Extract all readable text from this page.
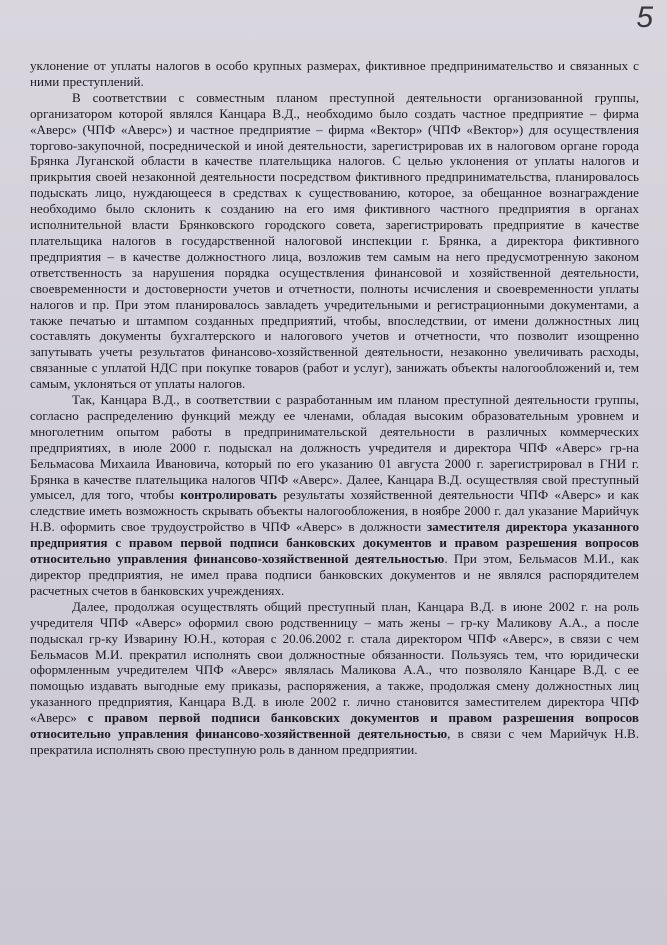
5

уклонение от уплаты налогов в особо крупных размерах, фиктивное предпринимательство и связанных с ними преступлений.

В соответствии с совместным планом преступной деятельности организованной группы, организатором которой являлся Канцара В.Д., необходимо было создать частное предприятие – фирма «Аверс» (ЧПФ «Аверс») и частное предприятие – фирма «Вектор» (ЧПФ «Вектор») для осуществления торгово-закупочной, посреднической и иной деятельности, зарегистрировав их в налоговом органе города Брянка Луганской области в качестве плательщика налогов. С целью уклонения от уплаты налогов и прикрытия своей незаконной деятельности посредством фиктивного предпринимательства, планировалось подыскать лицо, нуждающееся в средствах к существованию, которое, за обещанное вознаграждение необходимо было склонить к созданию на его имя фиктивного частного предприятия в органах исполнительной власти Брянковского городского совета, зарегистрировать предприятие в качестве плательщика налогов в государственной налоговой инспекции г. Брянка, а директора фиктивного предприятия – в качестве должностного лица, возложив тем самым на него предусмотренную законом ответственность за нарушения порядка осуществления финансовой и хозяйственной деятельности, своевременности и достоверности учетов и отчетности, полноты исчисления и своевременности уплаты налогов и пр. При этом планировалось завладеть учредительными и регистрационными документами, а также печатью и штампом созданных предприятий, чтобы, впоследствии, от имени должностных лиц составлять документы бухгалтерского и налогового учетов и отчетности, что позволит изощренно запутывать учеты результатов финансово-хозяйственной деятельности, незаконно увеличивать расходы, связанные с уплатой НДС при покупке товаров (работ и услуг), занижать объекты налогообложений и, тем самым, уклоняться от уплаты налогов.

Так, Канцара В.Д., в соответствии с разработанным им планом преступной деятельности группы, согласно распределению функций между ее членами, обладая высоким образовательным уровнем и многолетним опытом работы в предпринимательской деятельности в различных коммерческих предприятиях, в июле 2000 г. подыскал на должность учредителя и директора ЧПФ «Аверс» гр-на Бельмасова Михаила Ивановича, который по его указанию 01 августа 2000 г. зарегистрировал в ГНИ г. Брянка в качестве плательщика налогов ЧПФ «Аверс». Далее, Канцара В.Д. осуществляя свой преступный умысел, для того, чтобы контролировать результаты хозяйственной деятельности ЧПФ «Аверс» и как следствие иметь возможность скрывать объекты налогообложения, в ноябре 2000 г. дал указание Марийчук Н.В. оформить свое трудоустройство в ЧПФ «Аверс» в должности заместителя директора указанного предприятия с правом первой подписи банковских документов и правом разрешения вопросов относительно управления финансово-хозяйственной деятельностью. При этом, Бельмасов М.И., как директор предприятия, не имел права подписи банковских документов и не являлся распорядителем расчетных счетов в банковских учреждениях.

Далее, продолжая осуществлять общий преступный план, Канцара В.Д. в июне 2002 г. на роль учредителя ЧПФ «Аверс» оформил свою родственницу – мать жены – гр-ку Маликову А.А., а после подыскал гр-ку Изварину Ю.Н., которая с 20.06.2002 г. стала директором ЧПФ «Аверс», в связи с чем Бельмасов М.И. прекратил исполнять свои должностные обязанности. Пользуясь тем, что юридически оформленным учредителем ЧПФ «Аверс» являлась Маликова А.А., что позволяло Канцаре В.Д. с ее помощью издавать выгодные ему приказы, распоряжения, а также, продолжая смену должностных лиц указанного предприятия, Канцара В.Д. в июле 2002 г. лично становится заместителем директора ЧПФ «Аверс» с правом первой подписи банковских документов и правом разрешения вопросов относительно управления финансово-хозяйственной деятельностью, в связи с чем Марийчук Н.В. прекратила исполнять свою преступную роль в данном предприятии.
